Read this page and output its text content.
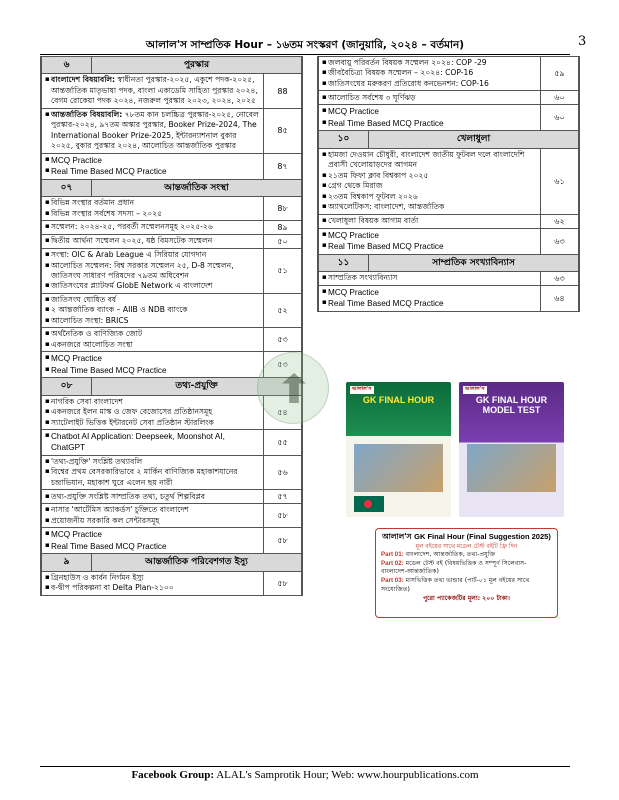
3
আলাল'স সাম্প্রতিক Hour – ১৬তম সংস্করণ (জানুয়ারি, ২০২৪ – বর্তমান)
৬	পুরস্কার	

▪ বাংলাদেশ বিষয়াবলি: স্বাধীনতা পুরস্কার-২০২৫, একুশে পদক-২০২৫, আন্তর্জাতিক মাতৃভাষা পদক, বাংলা একাডেমি সাহিত্য পুরস্কার ২০২৪, বেগম রোকেয়া পদক ২০২৪, নজরুল পুরস্কার ২০২৩, ২০২৪, ২০২৫		88

▪ আন্তর্জাতিক বিষয়াবলি: ৭৮তম কান চলচ্চিত্র পুরস্কার-২০২৫, নোবেল পুরস্কার-২০২৪, ৯৭তম অস্কার পুরস্কার, Booker Prize-2024, The International Booker Prize-2025, ইন্টারন্যাশনাল বুকার ২০২৫, বুকার পুরস্কার ২০২৪, আলোচিত আন্তর্জাতিক পুরস্কার		8৫

▪ MCQ Practice
▪ Real Time Based MCQ Practice		8৭
০৭	আন্তর্জাতিক সংস্থা	

▪ বিভিন্ন সংস্থার বর্তমান প্রধান
▪ বিভিন্ন সংস্থার সর্বশেষ সদস্য – ২০২৫		8৮

▪ সম্মেলন: ২০২৪-২৫, পরবর্তী সম্মেলনসমূহ ২০২৫-২৬		8৯

▪ দ্বিতীয় আর্থনা সম্মেলন ২০২৫, ষষ্ঠ বিমসটেক সম্মেলন		৫০

▪ সংস্থা: OIC & Arab League এ সিরিয়ার যোগদান
▪ আলোচিত সম্মেলন: বিশ্ব সরকার সম্মেলন ২৫, D-8 সম্মেলন, জাতিসংঘ সাধারণ পরিষদের ৭৯তম অধিবেশন
▪ জাতিসংঘের প্ল্যাটফর্ম GlobE Network এ বাংলাদেশ		৫১

▪ জাতিসংঘ ঘোষিত বর্ষ
▪ ২ আন্তর্জাতিক ব্যাংক – AIIB ও NDB ব্যাংকে
▪ আলোচিত সংস্থা: BRICS		৫২

▪ অর্থনৈতিক ও বাণিজ্যিক জোট
▪ একনজরে আলোচিত সংস্থা		৫৩

▪ MCQ Practice
▪ Real Time Based MCQ Practice		৫৩
০৮	তথ্য-প্রযুক্তি	

▪ নাগরিক সেবা বাংলাদেশ
▪ একনজরে ইলন মাস্ক ও জেফ বেজোসের প্রতিষ্ঠানসমূহ
▪ স্যাটেলাইট ভিত্তিক ইন্টারনেট সেবা প্রতিষ্ঠান স্টারলিংক		৫৪

▪ Chatbot AI Application: Deepseek, Moonshot AI, ChatGPT		৫৫

▪ 'তথ্য-প্রযুক্তি' সংশ্লিষ্ট তথ্যাবলি
▪ বিশ্বের প্রথম বেসরকারিভাবে ২ মার্কিন বাণিজ্যিক মহাকাশযানের চন্দ্রাভিযান, মহাকাশ ঘুরে এলেন ছয় নারী		৫৬

▪ তথ্য-প্রযুক্তি সংশ্লিষ্ট সাম্প্রতিক তথ্য, চতুর্থ শিল্পবিপ্লব		৫৭

▪ নাসার 'আর্টেমিস অ্যাকর্ডস' চুক্তিতে বাংলাদেশ
▪ প্রয়োজনীয় সরকারি কল সেন্টারসমূহ		৫৮

▪ MCQ Practice
▪ Real Time Based MCQ Practice		৫৮
৯	আন্তর্জাতিক পরিবেশগত ইস্যু	

▪ গ্রিনহাউস ও কার্বন নির্গমন ইস্যু
▪ ব-দ্বীপ পরিকল্পনা বা Delta Plan-২১০০		৫৮
▪ জলবায়ু পরিবর্তন বিষয়ক সম্মেলন ২০২৪: COP -29
▪ জীববৈচিত্র্য বিষয়ক সম্মেলন – ২০২৪: COP-16
▪ জাতিসংঘের মরুকরণ প্রতিরোধ কনভেনশন: COP-16		৫৯

▪ আলোচিত সর্বশেষ ৩ ঘূর্ণিঝড়		৬০

▪ MCQ Practice
▪ Real Time Based MCQ Practice		৬০
১০	খেলাধুলা	

▪ হামজা দেওয়ান চৌধুরী, বাংলাদেশ জাতীয় ফুটবল দলে বাংলাদেশি প্রবাসী খেলোয়াড়দের আগমন
▪ ২১তম ফিফা ক্লাব বিশ্বকাপ ২০২৫
▪ গ্রেগ থেকে মিরাজ
▪ ২৩তম বিশ্বকাপ ফুটবল ২০২৬
▪ অ্যাথলেটিকস: বাংলাদেশ, আন্তর্জাতিক		৬১

▪ খেলাধুলা বিষয়ক আগাম বার্তা		৬২

▪ MCQ Practice
▪ Real Time Based MCQ Practice		৬৩
১১	সাম্প্রতিক সংখ্যাবিন্যাস	

▪ সাম্প্রতিক সংখ্যাবিন্যাস		৬৩

▪ MCQ Practice
▪ Real Time Based MCQ Practice		৬৪
আলাল'স
GK FINAL HOUR
আলাল'স
GK FINAL HOUR MODEL TEST
আলাল'স GK Final Hour (Final Suggestion 2025)
মূল বইয়ের সাথে মডেল টেস্ট বইটি ফ্রি দিন
Part 01: বাংলাদেশ, আন্তর্জাতিক, তথ্য-প্রযুক্তি
Part 02: মডেল টেস্ট বই (বিষয়ভিত্তিক ও সম্পূর্ণ সিলেবাস-বাংলাদেশ-আন্তর্জাতিক)
Part 03: মাসভিত্তিক তথ্য ভান্ডার (পার্ট-০১ মূল বইয়ের সাথে সংযোজিত)
পুরো প্যাকেজটির মূল্য: ২০০ টাকা।
Facebook Group: ALAL's Samprotik Hour; Web: www.hourpublications.com
